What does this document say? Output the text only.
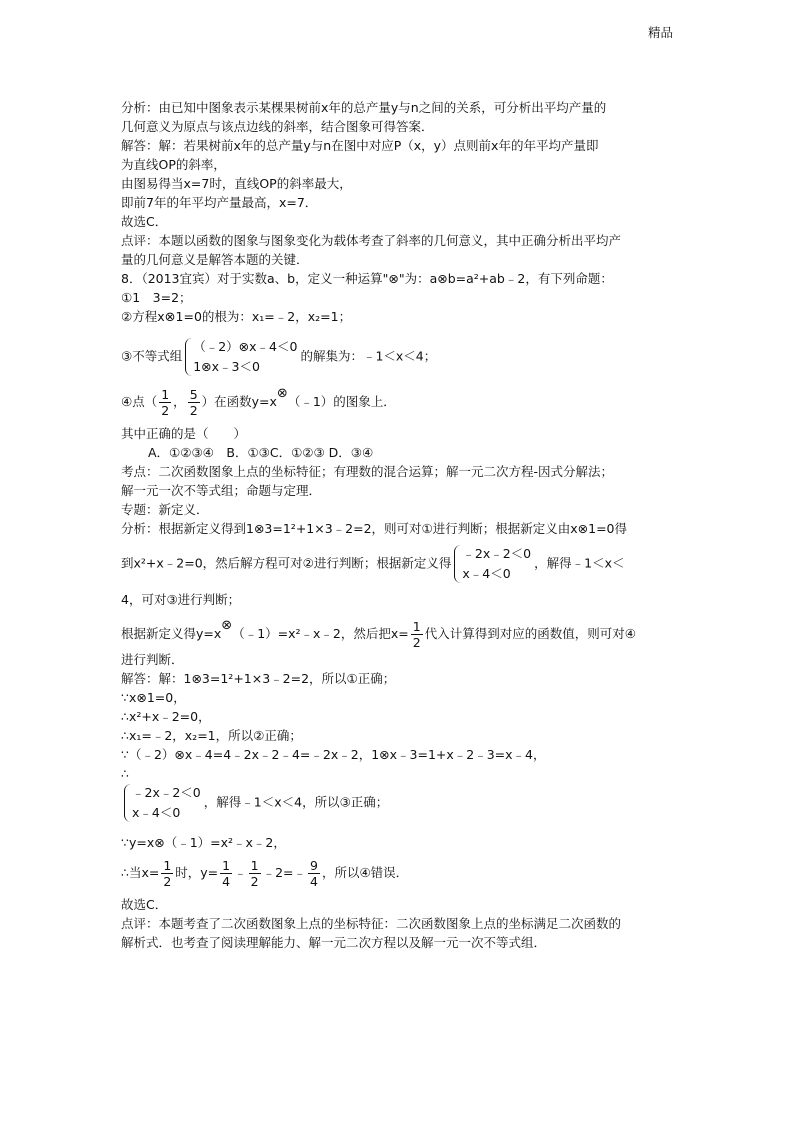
精品
分析：由已知中图象表示某棵果树前x年的总产量y与n之间的关系，可分析出平均产量的
几何意义为原点与该点边线的斜率，结合图象可得答案．
解答：解：若果树前x年的总产量y与n在图中对应P（x，y）点则前x年的年平均产量即
为直线OP的斜率，
由图易得当x=7时，直线OP的斜率最大，
即前7年的年平均产量最高，x=7．
故选C．
点评：本题以函数的图象与图象变化为载体考查了斜率的几何意义，其中正确分析出平均产
量的几何意义是解答本题的关键．
8．（2013宜宾）对于实数a、b，定义一种运算"⊗"为：a⊗b=a²+ab﹣2，有下列命题：
①1　3=2；
②方程x⊗1=0的根为：x₁=﹣2，x₂=1；
③不等式组
（﹣2）⊗x﹣4＜0
1⊗x﹣3＜0
的解集为：﹣1＜x＜4；
④点（ $\frac{1}{2}$ ， $\frac{5}{2}$ ）在函数y=x⊗（﹣1）的图象上．
其中正确的是（　　）
A．①②③④　B．①③C．①②③ D．③④
考点：二次函数图象上点的坐标特征；有理数的混合运算；解一元二次方程-因式分解法；
解一元一次不等式组；命题与定理．
专题：新定义．
分析：根据新定义得到1⊗3=1²+1×3﹣2=2，则可对①进行判断；根据新定义由x⊗1=0得
到x²+x﹣2=0，然后解方程可对②进行判断；根据新定义得
﹣2x﹣2＜0
x﹣4＜0
，解得﹣1＜x＜
4，可对③进行判断；
根据新定义得y=x⊗（﹣1）=x²﹣x﹣2，然后把$x= \frac{1}{2}$ 代入计算得到对应的函数值，则可对④
进行判断．
解答：解：1⊗3=1²+1×3﹣2=2，所以①正确；
∵x⊗1=0，
∴x²+x﹣2=0，
∴x₁=﹣2，x₂=1，所以②正确；
∵（﹣2）⊗x﹣4=4﹣2x﹣2﹣4=﹣2x﹣2，1⊗x﹣3=1+x﹣2﹣3=x﹣4，
∴
﹣2x﹣2＜0
x﹣4＜0
，解得﹣1＜x＜4，所以③正确；
∵y=x⊗（﹣1）=x²﹣x﹣2，
∴当$x= \frac{1}{2}$ 时，$y= \frac{1}{4}$ ﹣ $\frac{1}{2}$ ﹣2=﹣ $\frac{9}{4}$ ，所以④错误．
故选C．
点评：本题考查了二次函数图象上点的坐标特征：二次函数图象上点的坐标满足二次函数的
解析式．也考查了阅读理解能力、解一元二次方程以及解一元一次不等式组．
